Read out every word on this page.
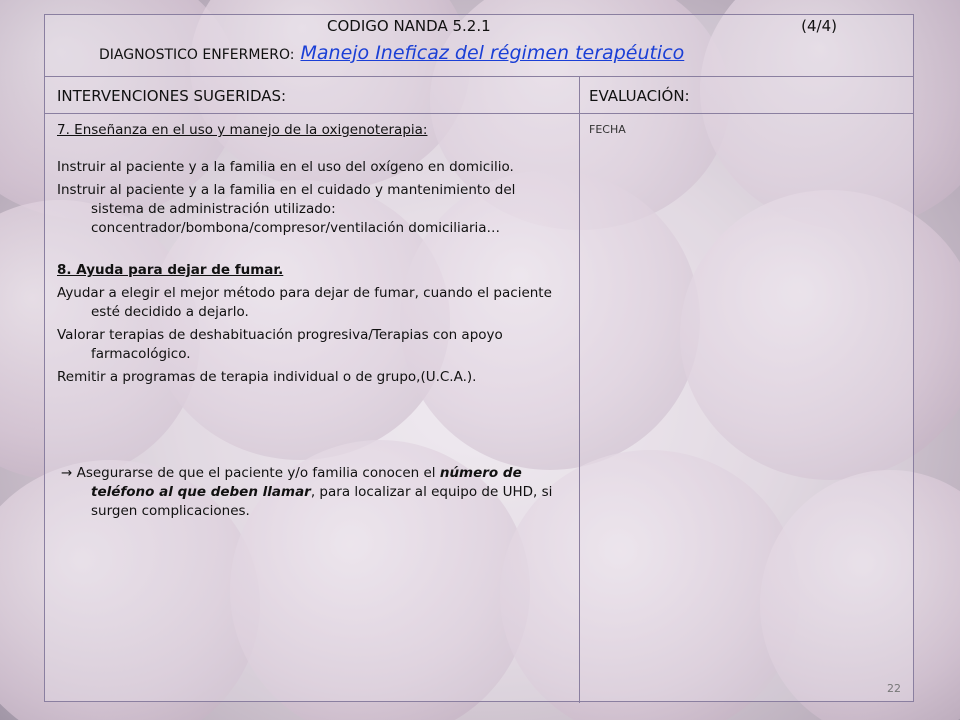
CODIGO NANDA 5.2.1	(4/4)
DIAGNOSTICO ENFERMERO: Manejo Ineficaz del régimen terapéutico
INTERVENCIONES SUGERIDAS:	EVALUACIÓN:
FECHA

7. Enseñanza en el uso y manejo de la oxigenoterapia:

Instruir al paciente y a la familia en el uso del oxígeno en domicilio.

Instruir al paciente y a la familia en el cuidado y mantenimiento del sistema de administración utilizado: concentrador/bombona/compresor/ventilación domiciliaria…

8. Ayuda para dejar de fumar.

Ayudar a elegir el mejor método para dejar de fumar, cuando el paciente esté decidido a dejarlo.

Valorar terapias de deshabituación progresiva/Terapias con apoyo farmacológico.

Remitir a programas de terapia individual o de grupo,(U.C.A.).

→ Asegurarse de que el paciente y/o familia conocen el número de teléfono al que deben llamar, para localizar al equipo de UHD, si surgen complicaciones.

22
